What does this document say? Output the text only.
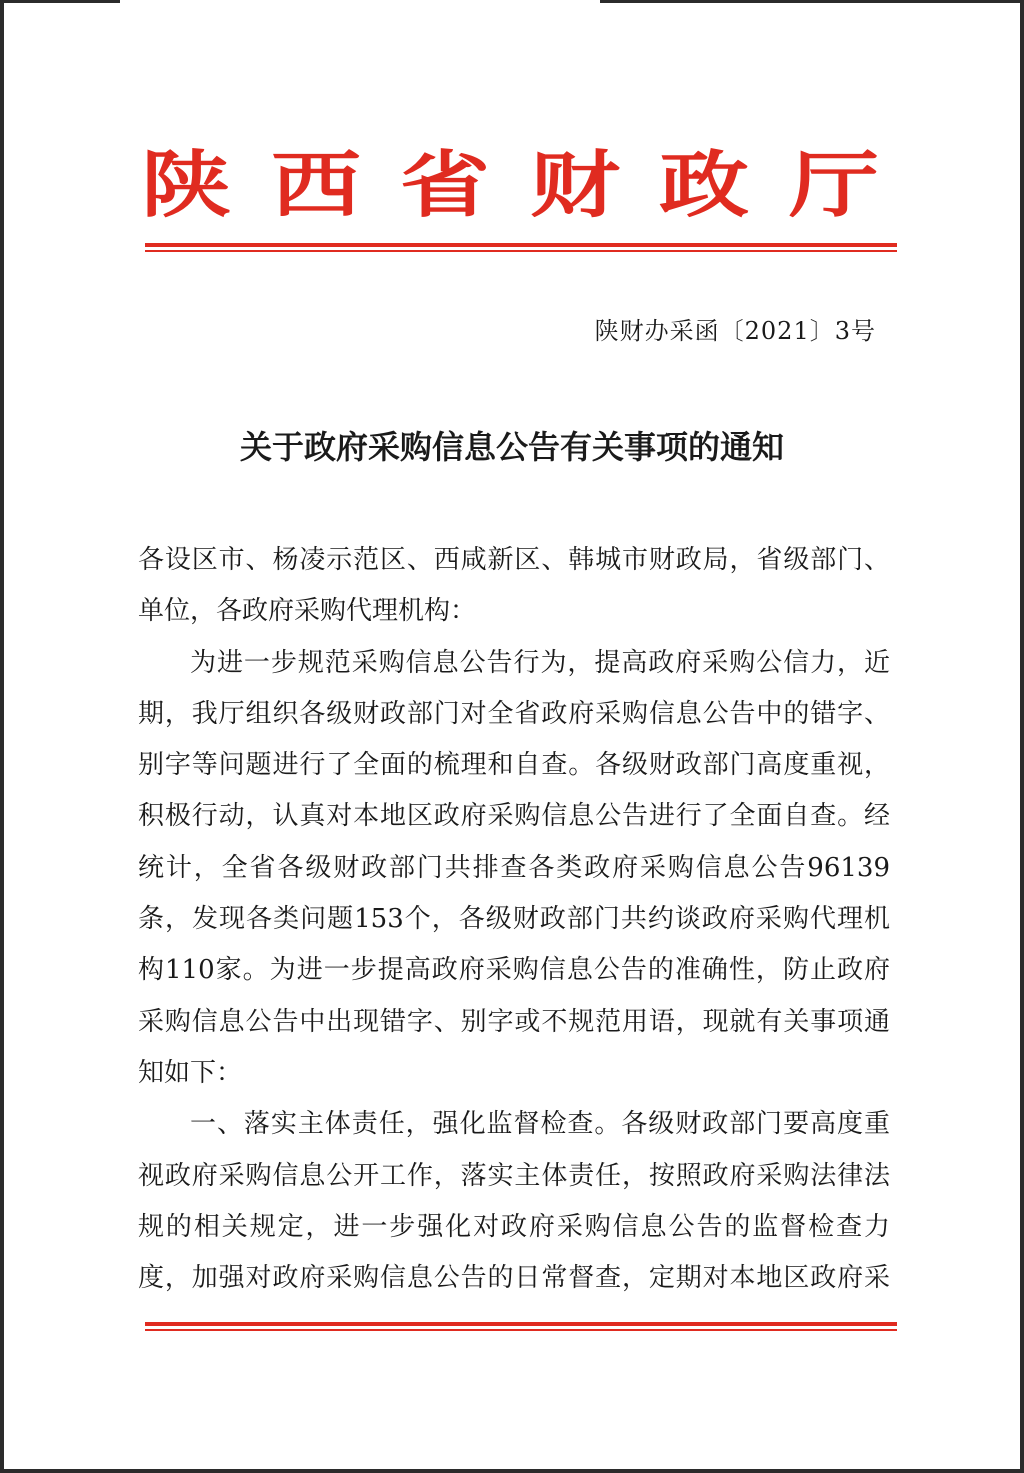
陕 西 省 财 政 厅
陕财办采函〔2021〕3号
关于政府采购信息公告有关事项的通知
各设区市、杨凌示范区、西咸新区、韩城市财政局，省级部门、
单位，各政府采购代理机构：
为进一步规范采购信息公告行为，提高政府采购公信力，近
期，我厅组织各级财政部门对全省政府采购信息公告中的错字、
别字等问题进行了全面的梳理和自查。各级财政部门高度重视，
积极行动，认真对本地区政府采购信息公告进行了全面自查。经
统计，全省各级财政部门共排查各类政府采购信息公告96139
条，发现各类问题153个，各级财政部门共约谈政府采购代理机
构110家。为进一步提高政府采购信息公告的准确性，防止政府
采购信息公告中出现错字、别字或不规范用语，现就有关事项通
知如下：
一、落实主体责任，强化监督检查。各级财政部门要高度重
视政府采购信息公开工作，落实主体责任，按照政府采购法律法
规的相关规定，进一步强化对政府采购信息公告的监督检查力
度，加强对政府采购信息公告的日常督查，定期对本地区政府采
